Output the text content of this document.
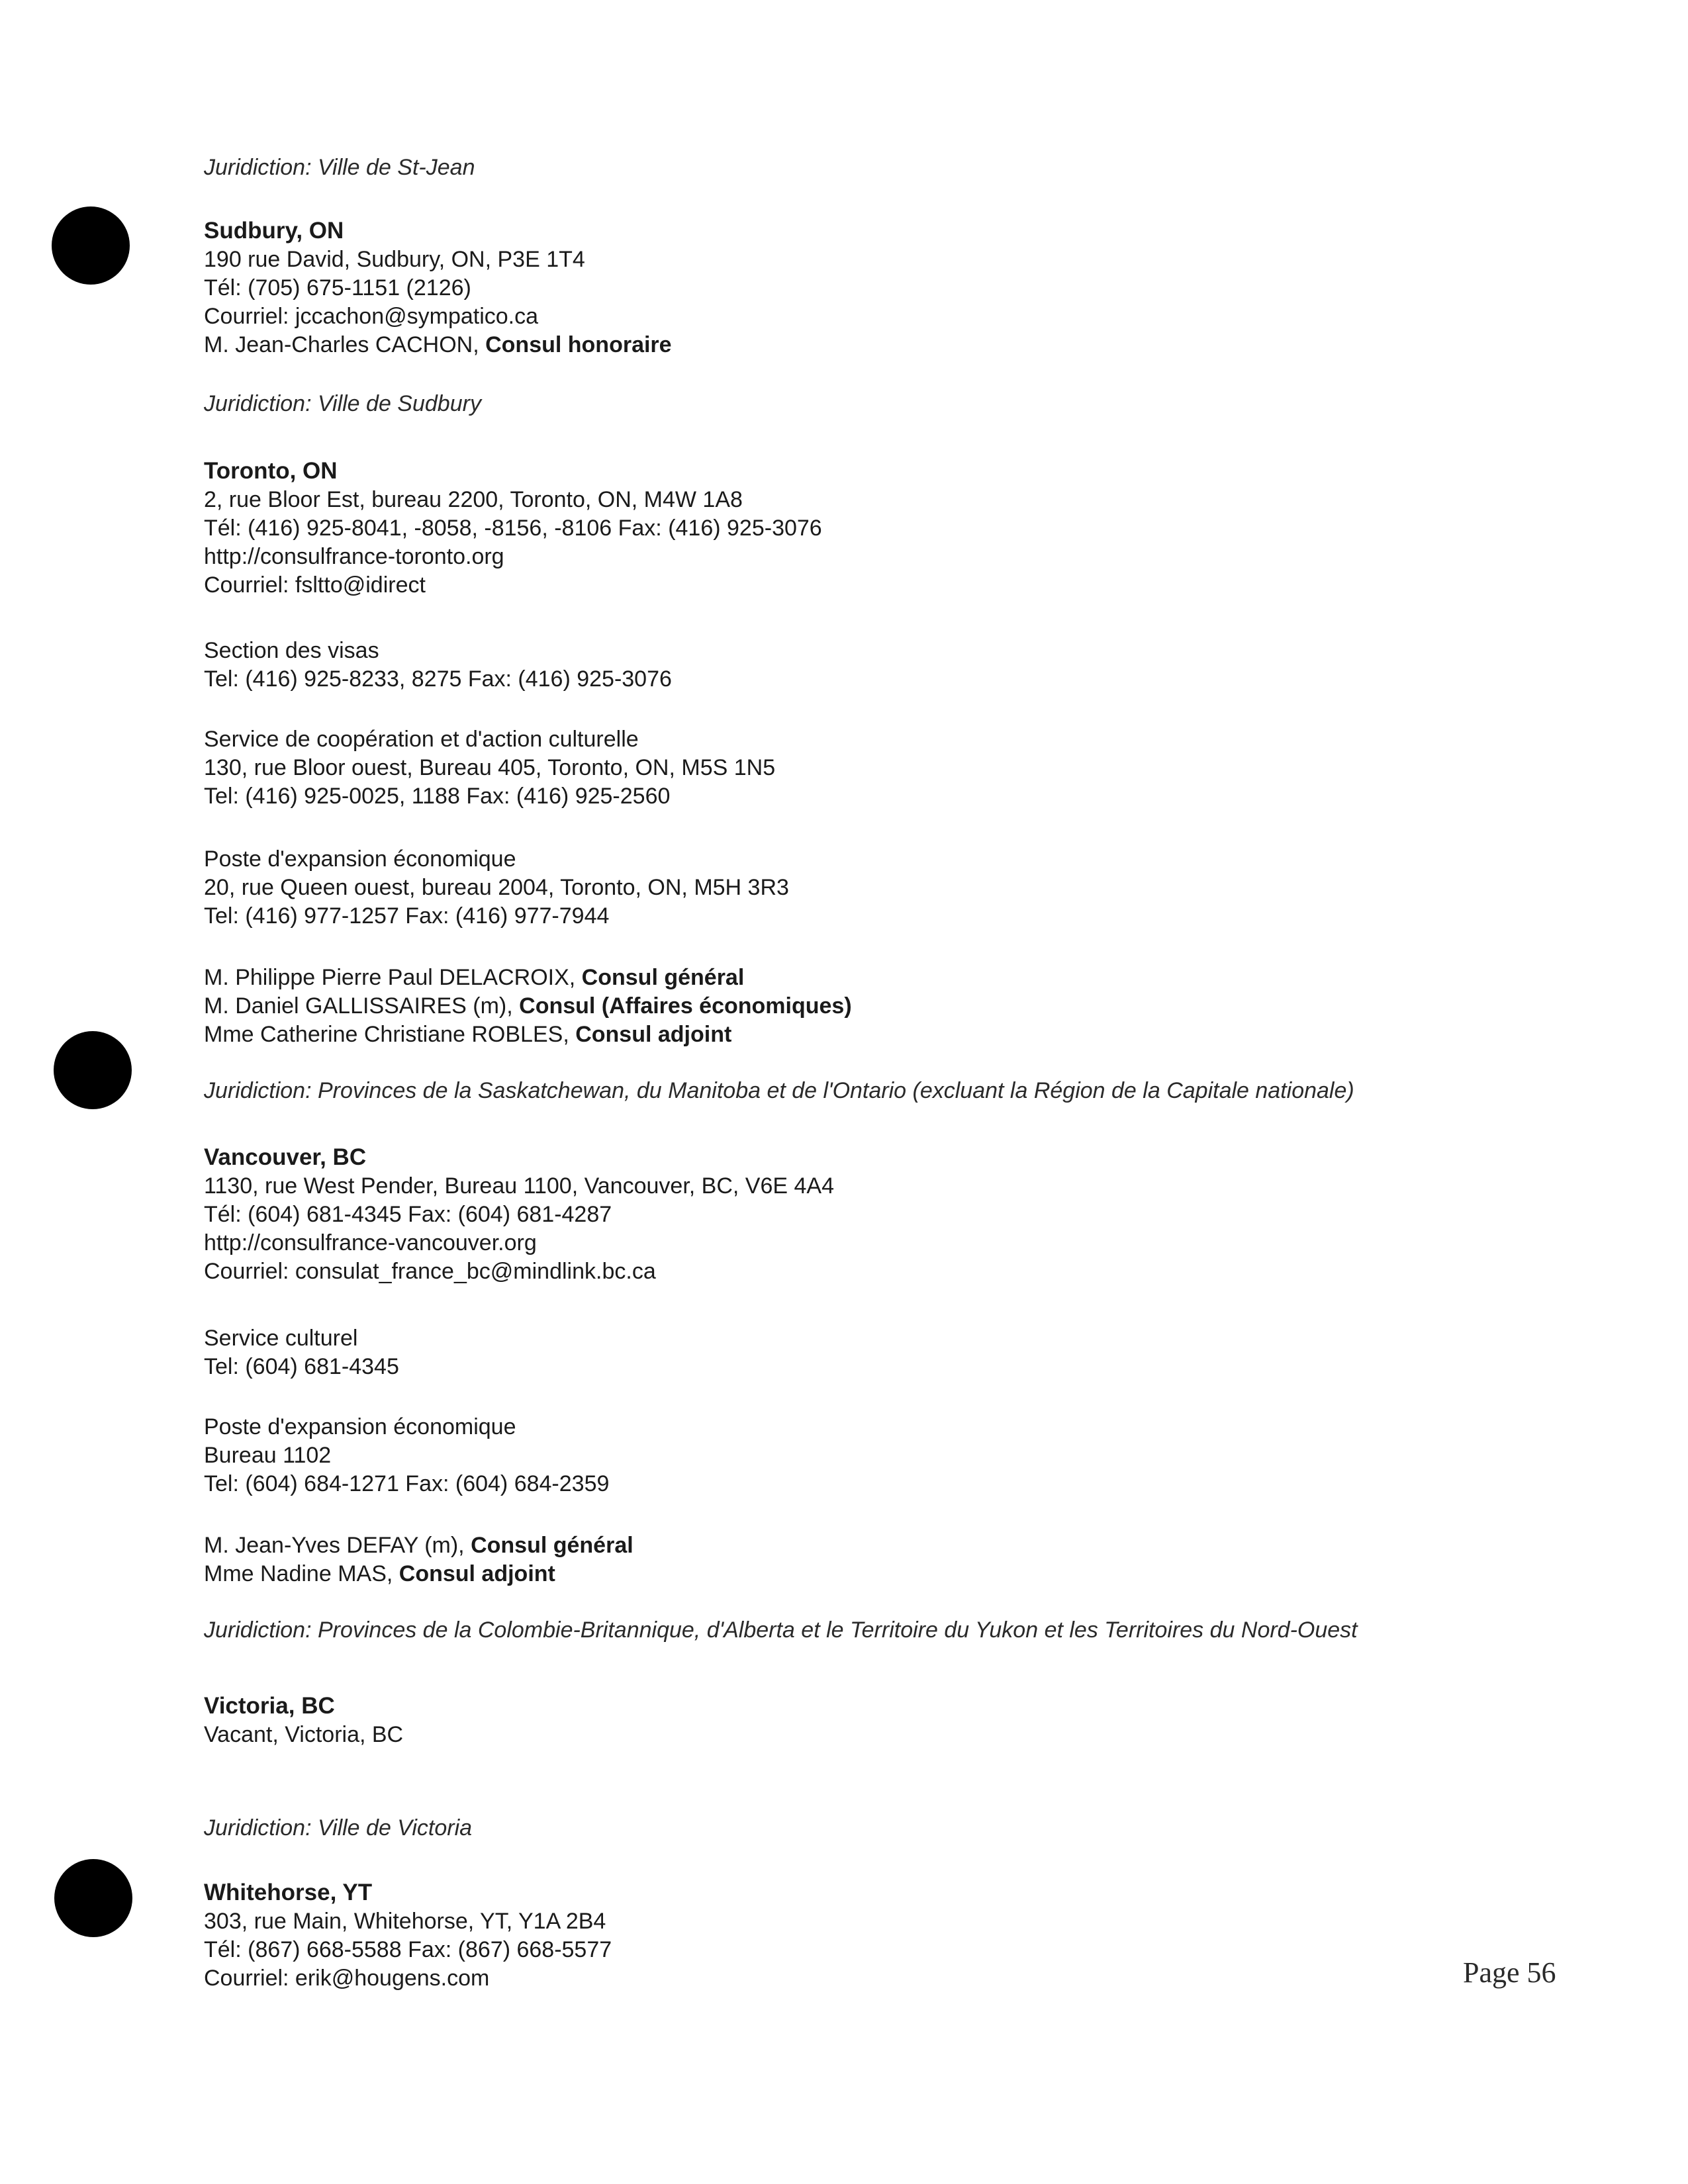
Juridiction: Ville de St-Jean

Sudbury, ON

190 rue David, Sudbury, ON, P3E 1T4

Tél: (705) 675-1151 (2126)

Courriel: jccachon@sympatico.ca

M. Jean-Charles CACHON, Consul honoraire

Juridiction: Ville de Sudbury

Toronto, ON

2, rue Bloor Est, bureau 2200, Toronto, ON, M4W 1A8

Tél: (416) 925-8041, -8058, -8156, -8106 Fax: (416) 925-3076

http://consulfrance-toronto.org

Courriel: fsltto@idirect

Section des visas

Tel: (416) 925-8233, 8275 Fax: (416) 925-3076

Service de coopération et d'action culturelle

130, rue Bloor ouest, Bureau 405, Toronto, ON, M5S 1N5

Tel: (416) 925-0025, 1188 Fax: (416) 925-2560

Poste d'expansion économique

20, rue Queen ouest, bureau 2004, Toronto, ON, M5H 3R3

Tel: (416) 977-1257 Fax: (416) 977-7944

M. Philippe Pierre Paul DELACROIX, Consul général

M. Daniel GALLISSAIRES (m), Consul (Affaires économiques)

Mme Catherine Christiane ROBLES, Consul adjoint

Juridiction: Provinces de la Saskatchewan, du Manitoba et de l'Ontario (excluant la Région de la Capitale nationale)

Vancouver, BC

1130, rue West Pender, Bureau 1100, Vancouver, BC, V6E 4A4

Tél: (604) 681-4345 Fax: (604) 681-4287

http://consulfrance-vancouver.org

Courriel: consulat_france_bc@mindlink.bc.ca

Service culturel

Tel: (604) 681-4345

Poste d'expansion économique

Bureau 1102

Tel: (604) 684-1271 Fax: (604) 684-2359

M. Jean-Yves DEFAY (m), Consul général

Mme Nadine MAS, Consul adjoint

Juridiction: Provinces de la Colombie-Britannique, d'Alberta et le Territoire du Yukon et les Territoires du Nord-Ouest

Victoria, BC

Vacant, Victoria, BC

Juridiction: Ville de Victoria

Whitehorse, YT

303, rue Main, Whitehorse, YT, Y1A 2B4

Tél: (867) 668-5588 Fax: (867) 668-5577

Courriel: erik@hougens.com	Page 56
